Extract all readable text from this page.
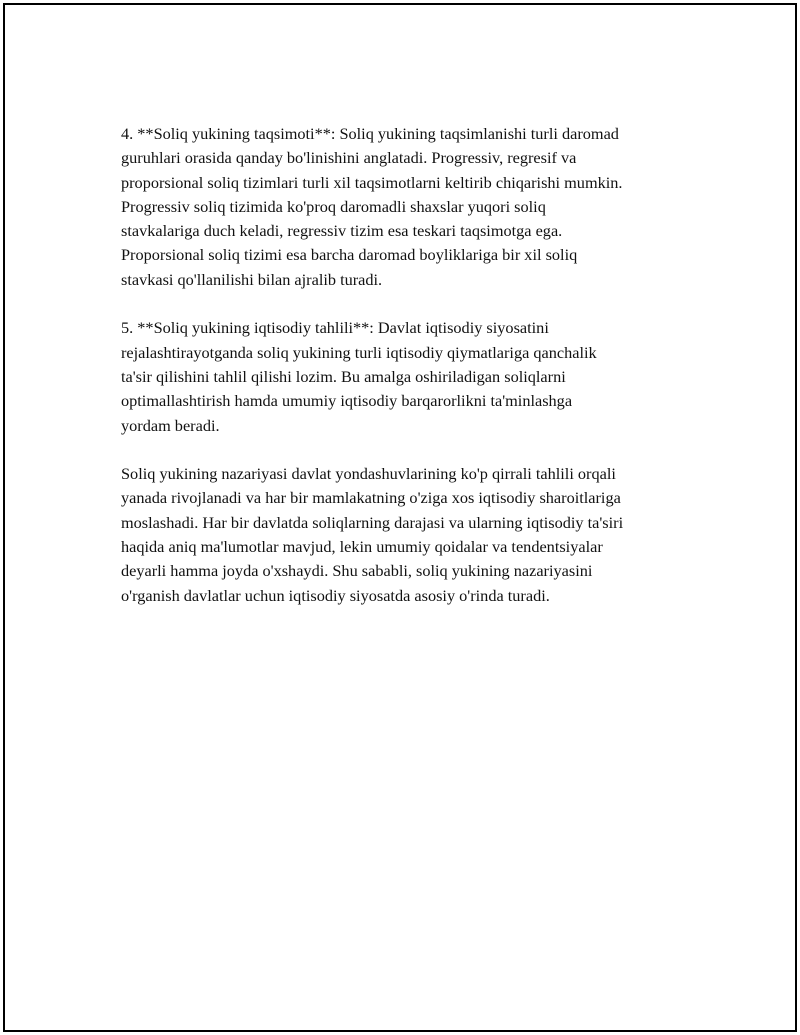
4. **Soliq yukining taqsimoti**: Soliq yukining taqsimlanishi turli daromad
guruhlari orasida qanday bo'linishini anglatadi. Progressiv, regresif va
proporsional soliq tizimlari turli xil taqsimotlarni keltirib chiqarishi mumkin.
Progressiv soliq tizimida ko'proq daromadli shaxslar yuqori soliq
stavkalariga duch keladi, regressiv tizim esa teskari taqsimotga ega.
Proporsional soliq tizimi esa barcha daromad boyliklariga bir xil soliq
stavkasi qo'llanilishi bilan ajralib turadi.
5. **Soliq yukining iqtisodiy tahlili**: Davlat iqtisodiy siyosatini
rejalashtirayotganda soliq yukining turli iqtisodiy qiymatlariga qanchalik
ta'sir qilishini tahlil qilishi lozim. Bu amalga oshiriladigan soliqlarni
optimallashtirish hamda umumiy iqtisodiy barqarorlikni ta'minlashga
yordam beradi.
Soliq yukining nazariyasi davlat yondashuvlarining ko'p qirrali tahlili orqali
yanada rivojlanadi va har bir mamlakatning o'ziga xos iqtisodiy sharoitlariga
moslashadi. Har bir davlatda soliqlarning darajasi va ularning iqtisodiy ta'siri
haqida aniq ma'lumotlar mavjud, lekin umumiy qoidalar va tendentsiyalar
deyarli hamma joyda o'xshaydi. Shu sababli, soliq yukining nazariyasini
o'rganish davlatlar uchun iqtisodiy siyosatda asosiy o'rinda turadi.
